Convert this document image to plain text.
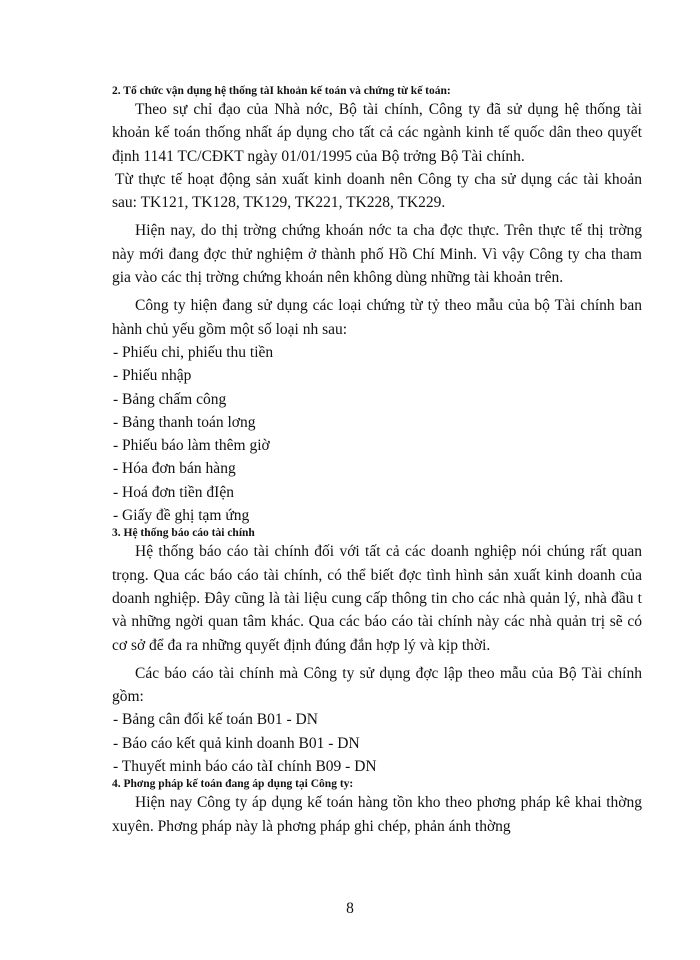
2. Tổ chức vận dụng hệ thống tàI khoản kế toán và chứng từ kế toán:

Theo sự chỉ đạo của Nhà nớc, Bộ tài chính, Công ty đã sử dụng hệ thống tài khoản kế toán thống nhất áp dụng cho tất cả các ngành kinh tế quốc dân theo quyết định 1141 TC/CĐKT ngày 01/01/1995 của Bộ trởng Bộ Tài chính.

Từ thực tế hoạt động sản xuất kinh doanh nên Công ty cha sử dụng các tài khoản sau: TK121, TK128, TK129, TK221, TK228, TK229.

Hiện nay, do thị trờng chứng khoán nớc ta cha đợc thực. Trên thực tế thị trờng này mới đang đợc thử nghiệm ở thành phố Hồ Chí Minh. Vì vậy Công ty cha tham gia vào các thị trờng chứng khoán nên không dùng những tài khoản trên.

Công ty hiện đang sử dụng các loại chứng từ tỷ theo mẫu của bộ Tài chính ban hành chủ yếu gồm một số loại nh sau:

- Phiếu chi, phiếu thu tiền
- Phiếu nhập
- Bảng chấm công
- Bảng thanh toán lơng
- Phiếu báo làm thêm giờ
- Hóa đơn bán hàng
- Hoá đơn tiền đIện
- Giấy đề ghị tạm ứng
3. Hệ thống báo cáo tài chính

Hệ thống báo cáo tài chính đối với tất cả các doanh nghiệp nói chúng rất quan trọng. Qua các báo cáo tài chính, có thể biết đợc tình hình sản xuất kinh doanh của doanh nghiệp. Đây cũng là tài liệu cung cấp thông tin cho các nhà quản lý, nhà đầu t và những ngời quan tâm khác. Qua các báo cáo tài chính này các nhà quản trị sẽ có cơ sở để đa ra những quyết định đúng đắn hợp lý và kịp thời.

Các báo cáo tài chính mà Công ty sử dụng đợc lập theo mẫu của Bộ Tài chính gồm:

- Bảng cân đối kế toán B01 - DN
- Báo cáo kết quả kinh doanh B01 - DN
- Thuyết minh báo cáo tàI chính B09 - DN
4. Phơng pháp kế toán đang áp dụng tại Công ty:

Hiện nay Công ty áp dụng kế toán hàng tồn kho theo phơng pháp kê khai thờng xuyên. Phơng pháp này là phơng pháp ghi chép, phản ánh thờng

8
